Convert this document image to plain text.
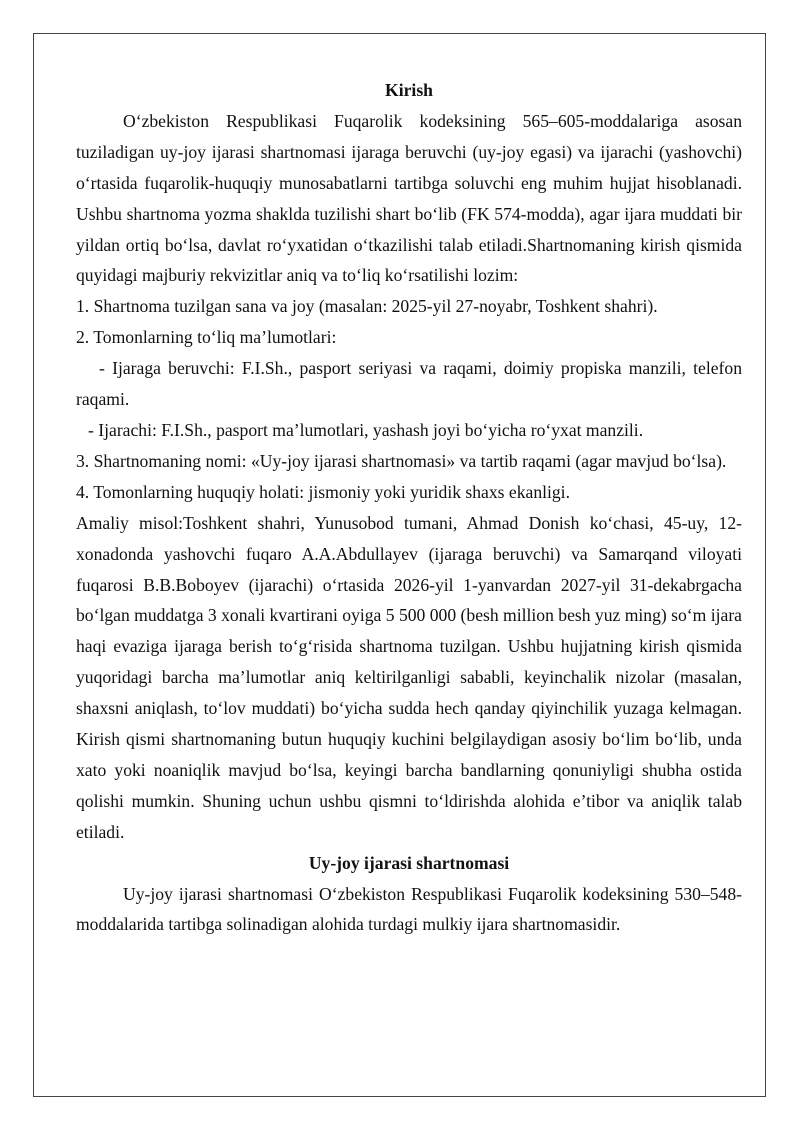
Kirish

O‘zbekiston Respublikasi Fuqarolik kodeksining 565–605-moddalariga asosan tuziladigan uy-joy ijarasi shartnomasi ijaraga beruvchi (uy-joy egasi) va ijarachi (yashovchi) o‘rtasida fuqarolik-huquqiy munosabatlarni tartibga soluvchi eng muhim hujjat hisoblanadi. Ushbu shartnoma yozma shaklda tuzilishi shart bo‘lib (FK 574-modda), agar ijara muddati bir yildan ortiq bo‘lsa, davlat ro‘yxatidan o‘tkazilishi talab etiladi.Shartnomaning kirish qismida quyidagi majburiy rekvizitlar aniq va to‘liq ko‘rsatilishi lozim:

1. Shartnoma tuzilgan sana va joy (masalan: 2025-yil 27-noyabr, Toshkent shahri).

2. Tomonlarning to‘liq ma’lumotlari:

- Ijaraga beruvchi: F.I.Sh., pasport seriyasi va raqami, doimiy propiska manzili, telefon raqami.

- Ijarachi: F.I.Sh., pasport ma’lumotlari, yashash joyi bo‘yicha ro‘yxat manzili.

3. Shartnomaning nomi: «Uy-joy ijarasi shartnomasi» va tartib raqami (agar mavjud bo‘lsa).

4. Tomonlarning huquqiy holati: jismoniy yoki yuridik shaxs ekanligi.

Amaliy misol:Toshkent shahri, Yunusobod tumani, Ahmad Donish ko‘chasi, 45-uy, 12-xonadonda yashovchi fuqaro A.A.Abdullayev (ijaraga beruvchi) va Samarqand viloyati fuqarosi B.B.Boboyev (ijarachi) o‘rtasida 2026-yil 1-yanvardan 2027-yil 31-dekabrgacha bo‘lgan muddatga 3 xonali kvartirani oyiga 5 500 000 (besh million besh yuz ming) so‘m ijara haqi evaziga ijaraga berish to‘g‘risida shartnoma tuzilgan. Ushbu hujjatning kirish qismida yuqoridagi barcha ma’lumotlar aniq keltirilganligi sababli, keyinchalik nizolar (masalan, shaxsni aniqlash, to‘lov muddati) bo‘yicha sudda hech qanday qiyinchilik yuzaga kelmagan. Kirish qismi shartnomaning butun huquqiy kuchini belgilaydigan asosiy bo‘lim bo‘lib, unda xato yoki noaniqlik mavjud bo‘lsa, keyingi barcha bandlarning qonuniyligi shubha ostida qolishi mumkin. Shuning uchun ushbu qismni to‘ldirishda alohida e’tibor va aniqlik talab etiladi.

Uy-joy ijarasi shartnomasi

Uy-joy ijarasi shartnomasi O‘zbekiston Respublikasi Fuqarolik kodeksining 530–548-moddalarida tartibga solinadigan alohida turdagi mulkiy ijara shartnomasidir.
